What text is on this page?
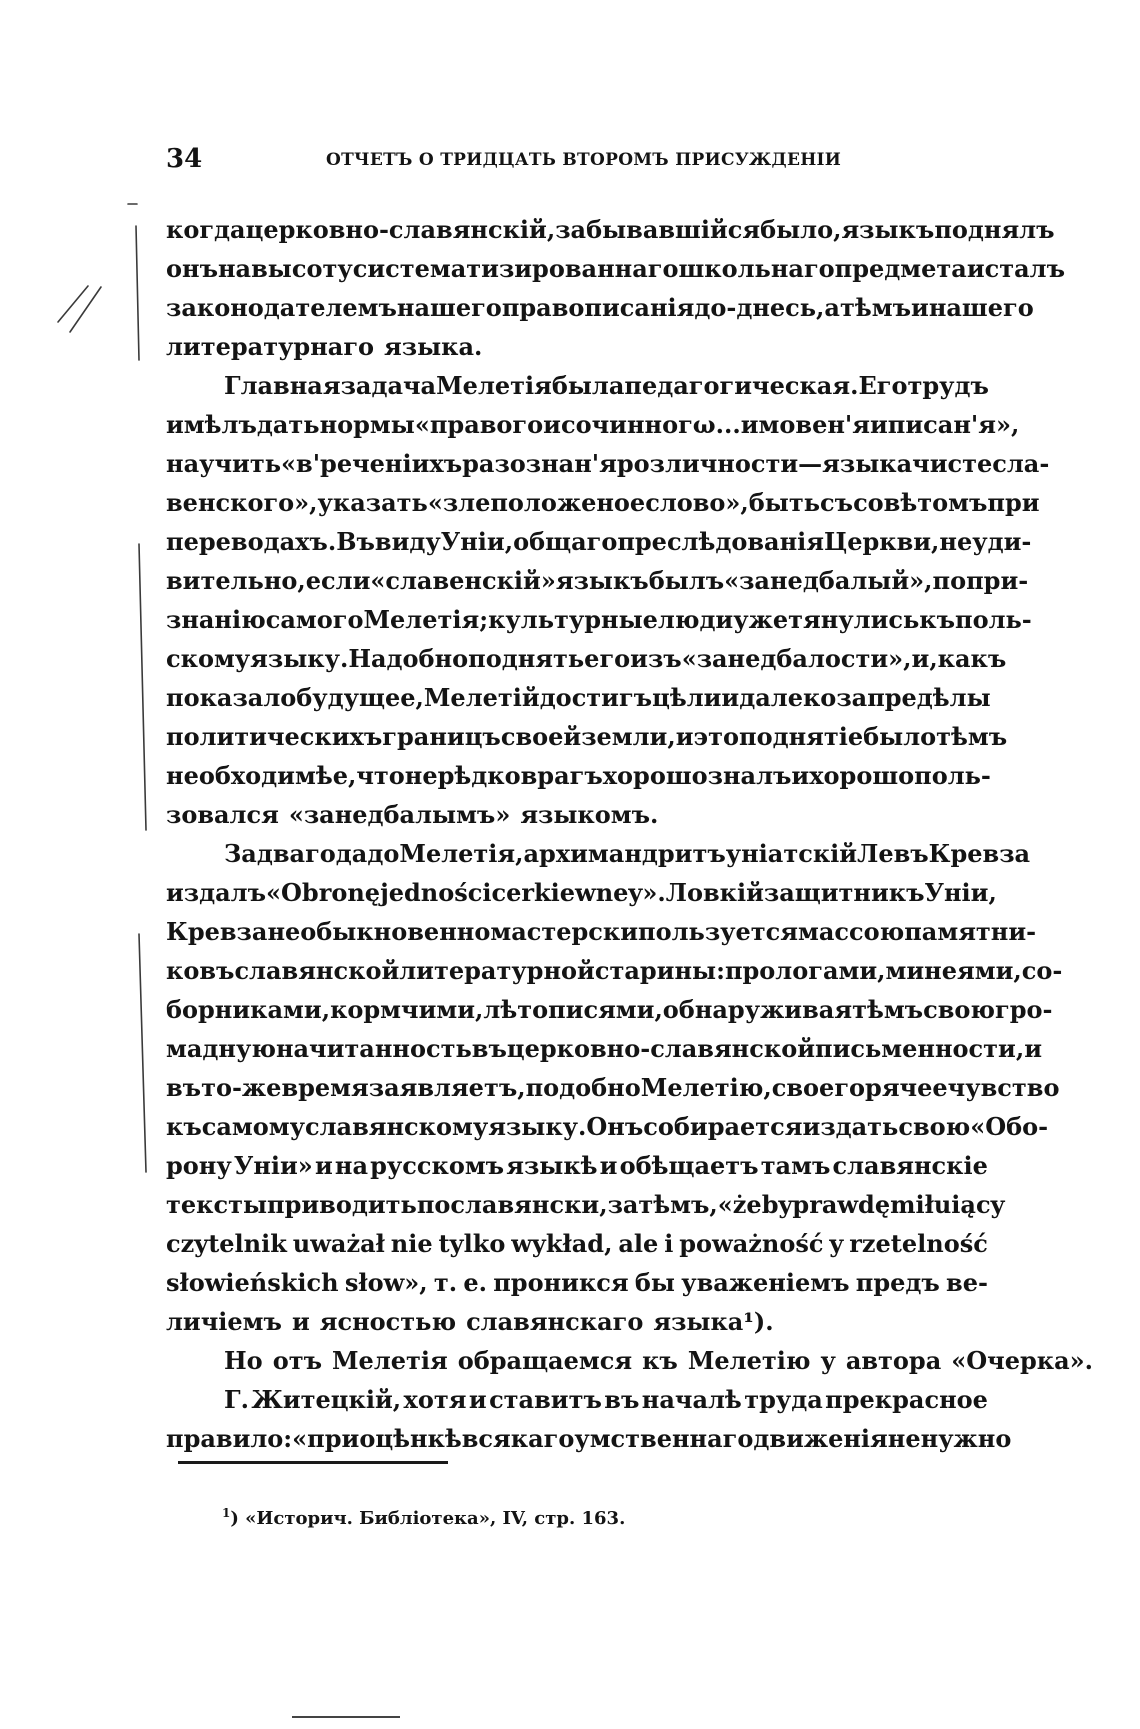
34	ОТЧЕТЪ О ТРИДЦАТЬ ВТОРОМЪ ПРИСУЖДЕНIИ
когда церковно-славянскій, забывавшійся было, языкъ поднялъ
онъ на высоту систематизированнаго школьнаго предмета и сталъ
законодателемъ нашего правописанія до-днесь, а тѣмъ и нашего
литературнаго языка.
Главная задача Мелетія была педагогическая. Его трудъ
имѣлъ дать нормы «правого и сочинногω... и мовен'я и писан'я»,
научить «в'реченіихъ разознан'я розличности — языка чисте сла-
венского», указать «зле положеное слово», быть съ совѣтомъ при
переводахъ. Въ виду Уніи, общаго преслѣдованія Церкви, не уди-
вительно, если «славенскій» языкъ былъ «занедбалый», по при-
знанію самого Мелетія; культурные люди уже тянулись къ поль-
скому языку. Надобно поднять его изъ «занедбалости», и, какъ
показало будущее, Мелетій достигъ цѣли и далеко за предѣлы
политическихъ границъ своей земли, и это поднятіе было тѣмъ
необходимѣе, что не рѣдко врагъ хорошо зналъ и хорошо поль-
зовался «занедбалымъ» языкомъ.
За два года до Мелетія, архимандритъ уніатскій Левъ Кревза
издалъ «Obronę jedności cerkiewney». Ловкій защитникъ Уніи,
Кревза необыкновенно мастерски пользуется массою памятни-
ковъ славянской литературной старины: прологами, минеями, со-
борниками, кормчими, лѣтописями, обнаруживая тѣмъ свою гро-
мадную начитанность въ церковно-славянской письменности, и
въ то-же время заявляетъ, подобно Мелетію, свое горячее чувство
къ самому славянскому языку. Онъ собирается издать свою «Обо-
рону Уніи» и на русскомъ языкѣ и обѣщаетъ тамъ славянскіе
тексты приводить по славянски, затѣмъ, «żeby prawdę miłuiący
czytelnik uważał nie tylko wykład, ale i poważność y rzetelność
słowieńskich słow», т. е. проникся бы уваженіемъ предъ ве-
личіемъ и ясностью славянскаго языка¹).
Но отъ Мелетія обращаемся къ Мелетію у автора «Очерка».
Г. Житецкій, хотя и ставитъ въ началѣ труда прекрасное
правило: «при оцѣнкѣ всякаго умственнаго движенія не нужно
$^1$) «Историч. Библіотека», IV, стр. 163.
